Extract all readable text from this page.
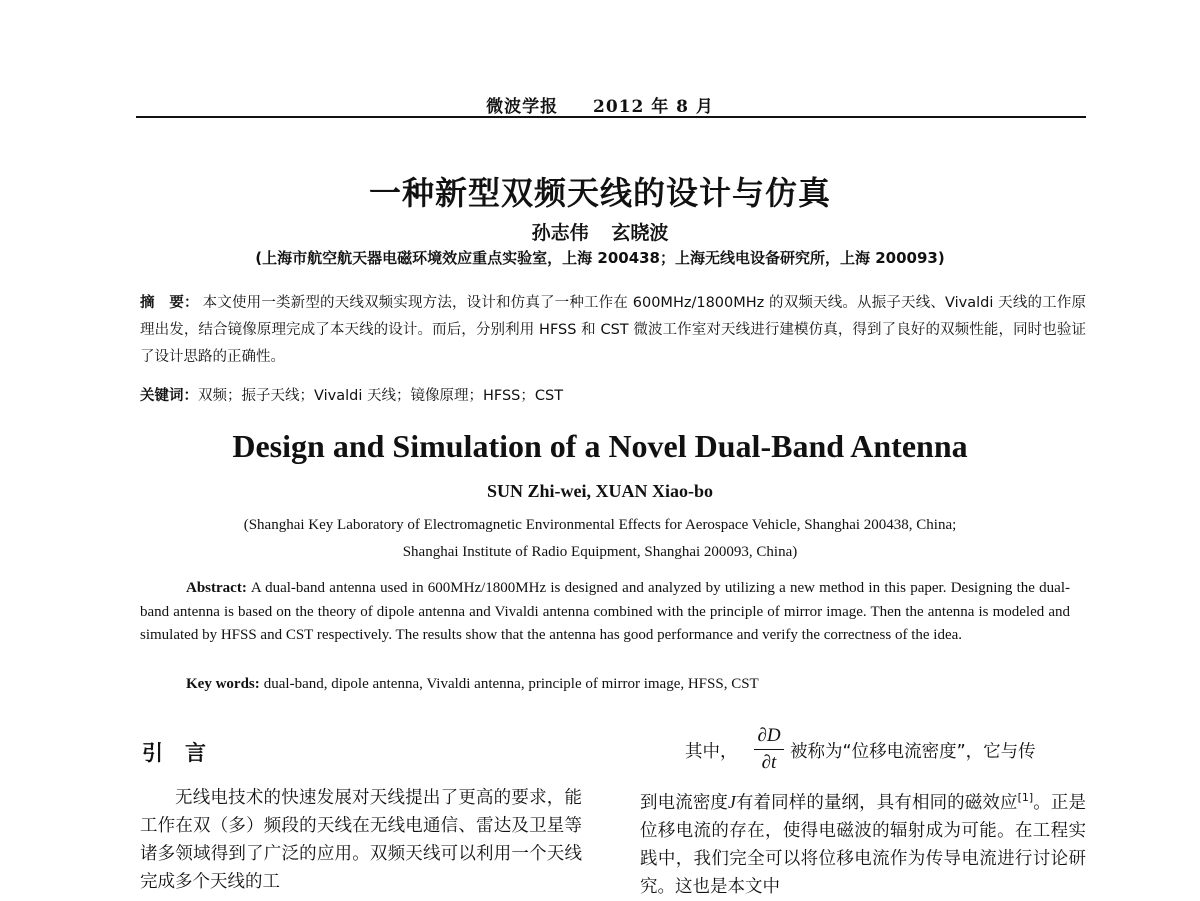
微波学报 2012 年 8 月
一种新型双频天线的设计与仿真
孙志伟 玄晓波
(上海市航空航天器电磁环境效应重点实验室，上海 200438；上海无线电设备研究所，上海 200093)
摘　要： 本文使用一类新型的天线双频实现方法，设计和仿真了一种工作在 600MHz/1800MHz 的双频天线。从振子天线、Vivaldi 天线的工作原理出发，结合镜像原理完成了本天线的设计。而后，分别利用 HFSS 和 CST 微波工作室对天线进行建模仿真，得到了良好的双频性能，同时也验证了设计思路的正确性。
关键词：双频；振子天线；Vivaldi 天线；镜像原理；HFSS；CST
Design and Simulation of a Novel Dual-Band Antenna
SUN Zhi-wei, XUAN Xiao-bo
(Shanghai Key Laboratory of Electromagnetic Environmental Effects for Aerospace Vehicle, Shanghai 200438, China;
Shanghai Institute of Radio Equipment, Shanghai 200093, China)
Abstract: A dual-band antenna used in 600MHz/1800MHz is designed and analyzed by utilizing a new method in this paper. Designing the dual-band antenna is based on the theory of dipole antenna and Vivaldi antenna combined with the principle of mirror image. Then the antenna is modeled and simulated by HFSS and CST respectively. The results show that the antenna has good performance and verify the correctness of the idea.
Key words: dual-band, dipole antenna, Vivaldi antenna, principle of mirror image, HFSS, CST
引言
无线电技术的快速发展对天线提出了更高的要求，能工作在双（多）频段的天线在无线电通信、雷达及卫星等诸多领域得到了广泛的应用。双频天线可以利用一个天线完成多个天线的工
其中，
∂D
∂t 被称为“位移电流密度”，它与传
到电流密度J有着同样的量纲，具有相同的磁效应[1]。正是位移电流的存在，使得电磁波的辐射成为可能。在工程实践中，我们完全可以将位移电流作为传导电流进行讨论研究。这也是本文中
